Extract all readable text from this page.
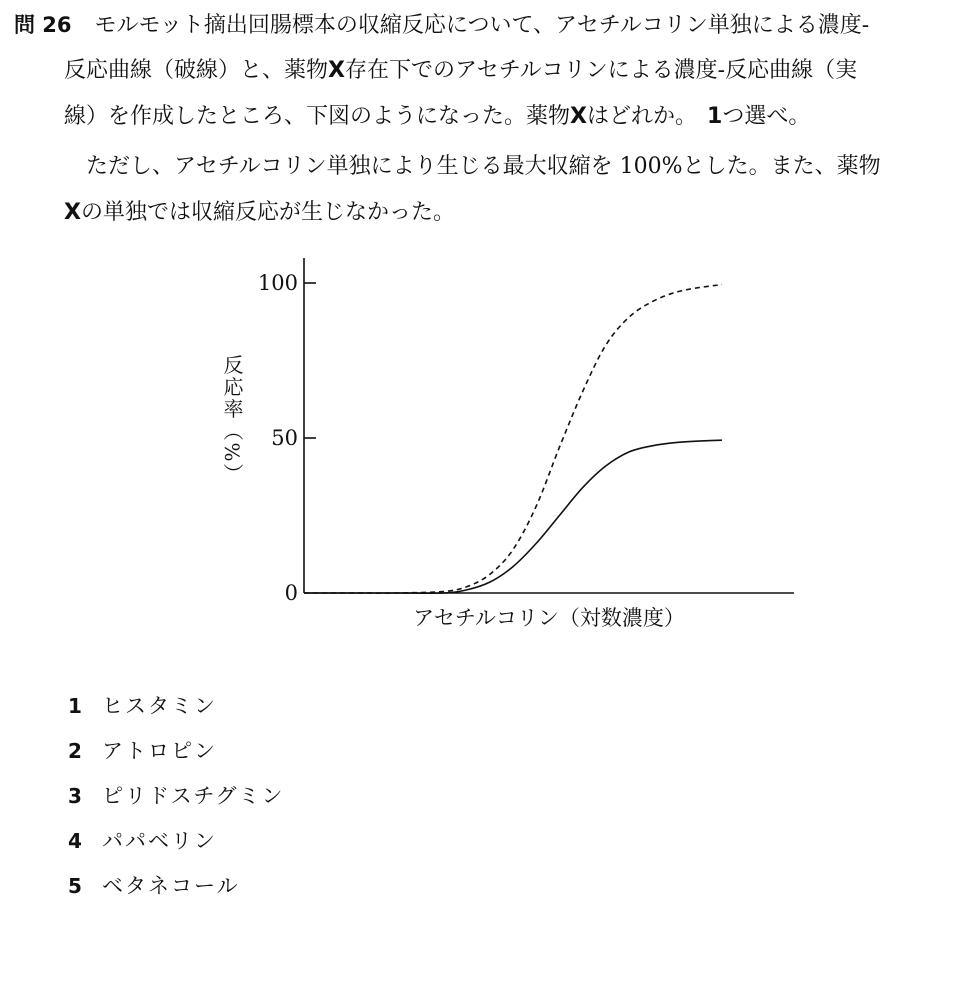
問 26 モルモット摘出回腸標本の収縮反応について、アセチルコリン単独による濃度‑
反応曲線（破線）と、薬物X存在下でのアセチルコリンによる濃度‑反応曲線（実
線）を作成したところ、下図のようになった。薬物Xはどれか。 1つ選べ。
ただし、アセチルコリン単独により生じる最大収縮を 100%とした。また、薬物
Xの単独では収縮反応が生じなかった。
100
50
0
アセチルコリン（対数濃度）
反応率（%）
1 ヒスタミン
2 アトロピン
3 ピリドスチグミン
4 パパベリン
5 ベタネコール
